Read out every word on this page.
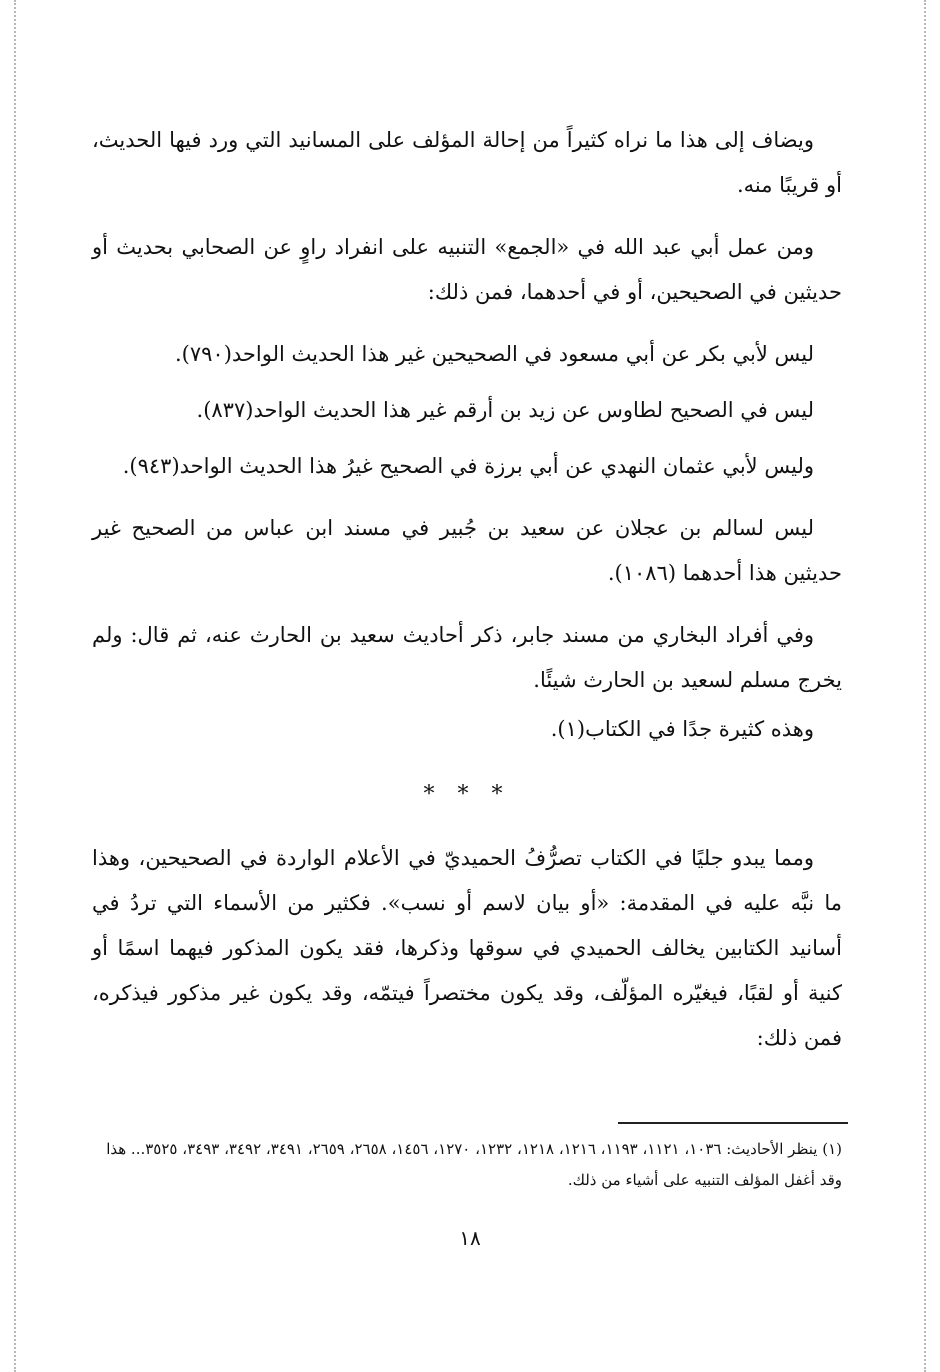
ويضاف إلى هذا ما نراه كثيراً من إحالة المؤلف على المسانيد التي ورد فيها الحديث، أو قريبًا منه.

ومن عمل أبي عبد الله في «الجمع» التنبيه على انفراد راوٍ عن الصحابي بحديث أو حديثين في الصحيحين، أو في أحدهما، فمن ذلك:

ليس لأبي بكر عن أبي مسعود في الصحيحين غير هذا الحديث الواحد(٧٩٠).

ليس في الصحيح لطاوس عن زيد بن أرقم غير هذا الحديث الواحد(٨٣٧).

وليس لأبي عثمان النهدي عن أبي برزة في الصحيح غيرُ هذا الحديث الواحد(٩٤٣).

ليس لسالم بن عجلان عن سعيد بن جُبير في مسند ابن عباس من الصحيح غير حديثين هذا أحدهما (١٠٨٦).

وفي أفراد البخاري من مسند جابر، ذكر أحاديث سعيد بن الحارث عنه، ثم قال: ولم يخرج مسلم لسعيد بن الحارث شيئًا.

وهذه كثيرة جدًا في الكتاب(١).

* * *

ومما يبدو جليًا في الكتاب تصرُّفُ الحميديّ في الأعلام الواردة في الصحيحين، وهذا ما نبَّه عليه في المقدمة: «أو بيان لاسم أو نسب». فكثير من الأسماء التي تردُ في أسانيد الكتابين يخالف الحميدي في سوقها وذكرها، فقد يكون المذكور فيهما اسمًا أو كنية أو لقبًا، فيغيّره المؤلّف، وقد يكون مختصراً فيتمّه، وقد يكون غير مذكور فيذكره، فمن ذلك:

(١) ينظر الأحاديث: ١٠٣٦، ١١٢١، ١١٩٣، ١٢١٦، ١٢١٨، ١٢٣٢، ١٢٧٠، ١٤٥٦، ٢٦٥٨، ٢٦٥٩، ٣٤٩١، ٣٤٩٢، ٣٤٩٣، ٣٥٢٥... هذا وقد أغفل المؤلف التنبيه على أشياء من ذلك.
١٨
